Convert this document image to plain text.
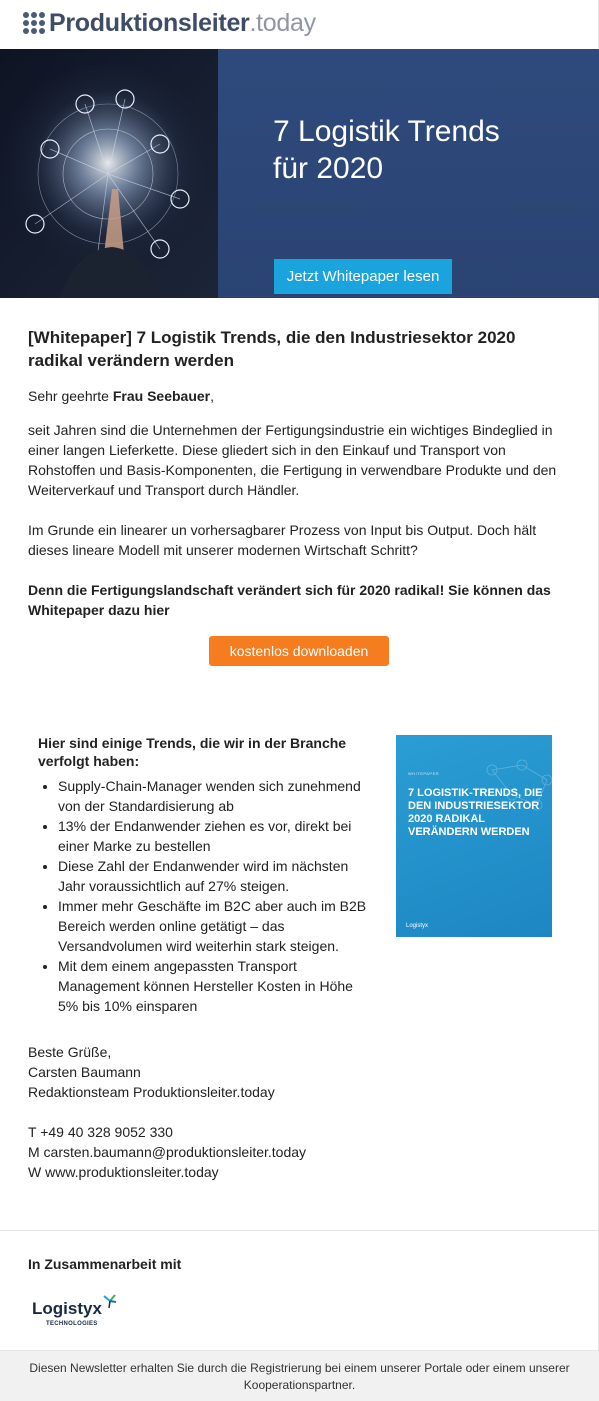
Produktionsleiter.today
7 Logistik Trends
für 2020
Jetzt Whitepaper lesen
[Whitepaper] 7 Logistik Trends, die den Industriesektor 2020 radikal verändern werden
Sehr geehrte Frau Seebauer,
seit Jahren sind die Unternehmen der Fertigungsindustrie ein wichtiges Bindeglied in einer langen Lieferkette. Diese gliedert sich in den Einkauf und Transport von Rohstoffen und Basis-Komponenten, die Fertigung in verwendbare Produkte und den Weiterverkauf und Transport durch Händler.
Im Grunde ein linearer un vorhersagbarer Prozess von Input bis Output. Doch hält dieses lineare Modell mit unserer modernen Wirtschaft Schritt?
Denn die Fertigungslandschaft verändert sich für 2020 radikal! Sie können das Whitepaper dazu hier
kostenlos downloaden
Hier sind einige Trends, die wir in der Branche verfolgt haben:
• Supply-Chain-Manager wenden sich zunehmend von der Standardisierung ab
• 13% der Endanwender ziehen es vor, direkt bei einer Marke zu bestellen
• Diese Zahl der Endanwender wird im nächsten Jahr voraussichtlich auf 27% steigen.
• Immer mehr Geschäfte im B2C aber auch im B2B Bereich werden online getätigt – das Versandvolumen wird weiterhin stark steigen.
• Mit dem einem angepassten Transport Management können Hersteller Kosten in Höhe 5% bis 10% einsparen
WHITEPAPER
7 LOGISTIK-TRENDS, DIE DEN INDUSTRIESEKTOR 2020 RADIKAL VERÄNDERN WERDEN
Logistyx
Beste Grüße,
Carsten Baumann
Redaktionsteam Produktionsleiter.today
T +49 40 328 9052 330
M carsten.baumann@produktionsleiter.today
W www.produktionsleiter.today
In Zusammenarbeit mit
Logistyx
TECHNOLOGIES
Diesen Newsletter erhalten Sie durch die Registrierung bei einem unserer Portale oder einem unserer Kooperationspartner.
